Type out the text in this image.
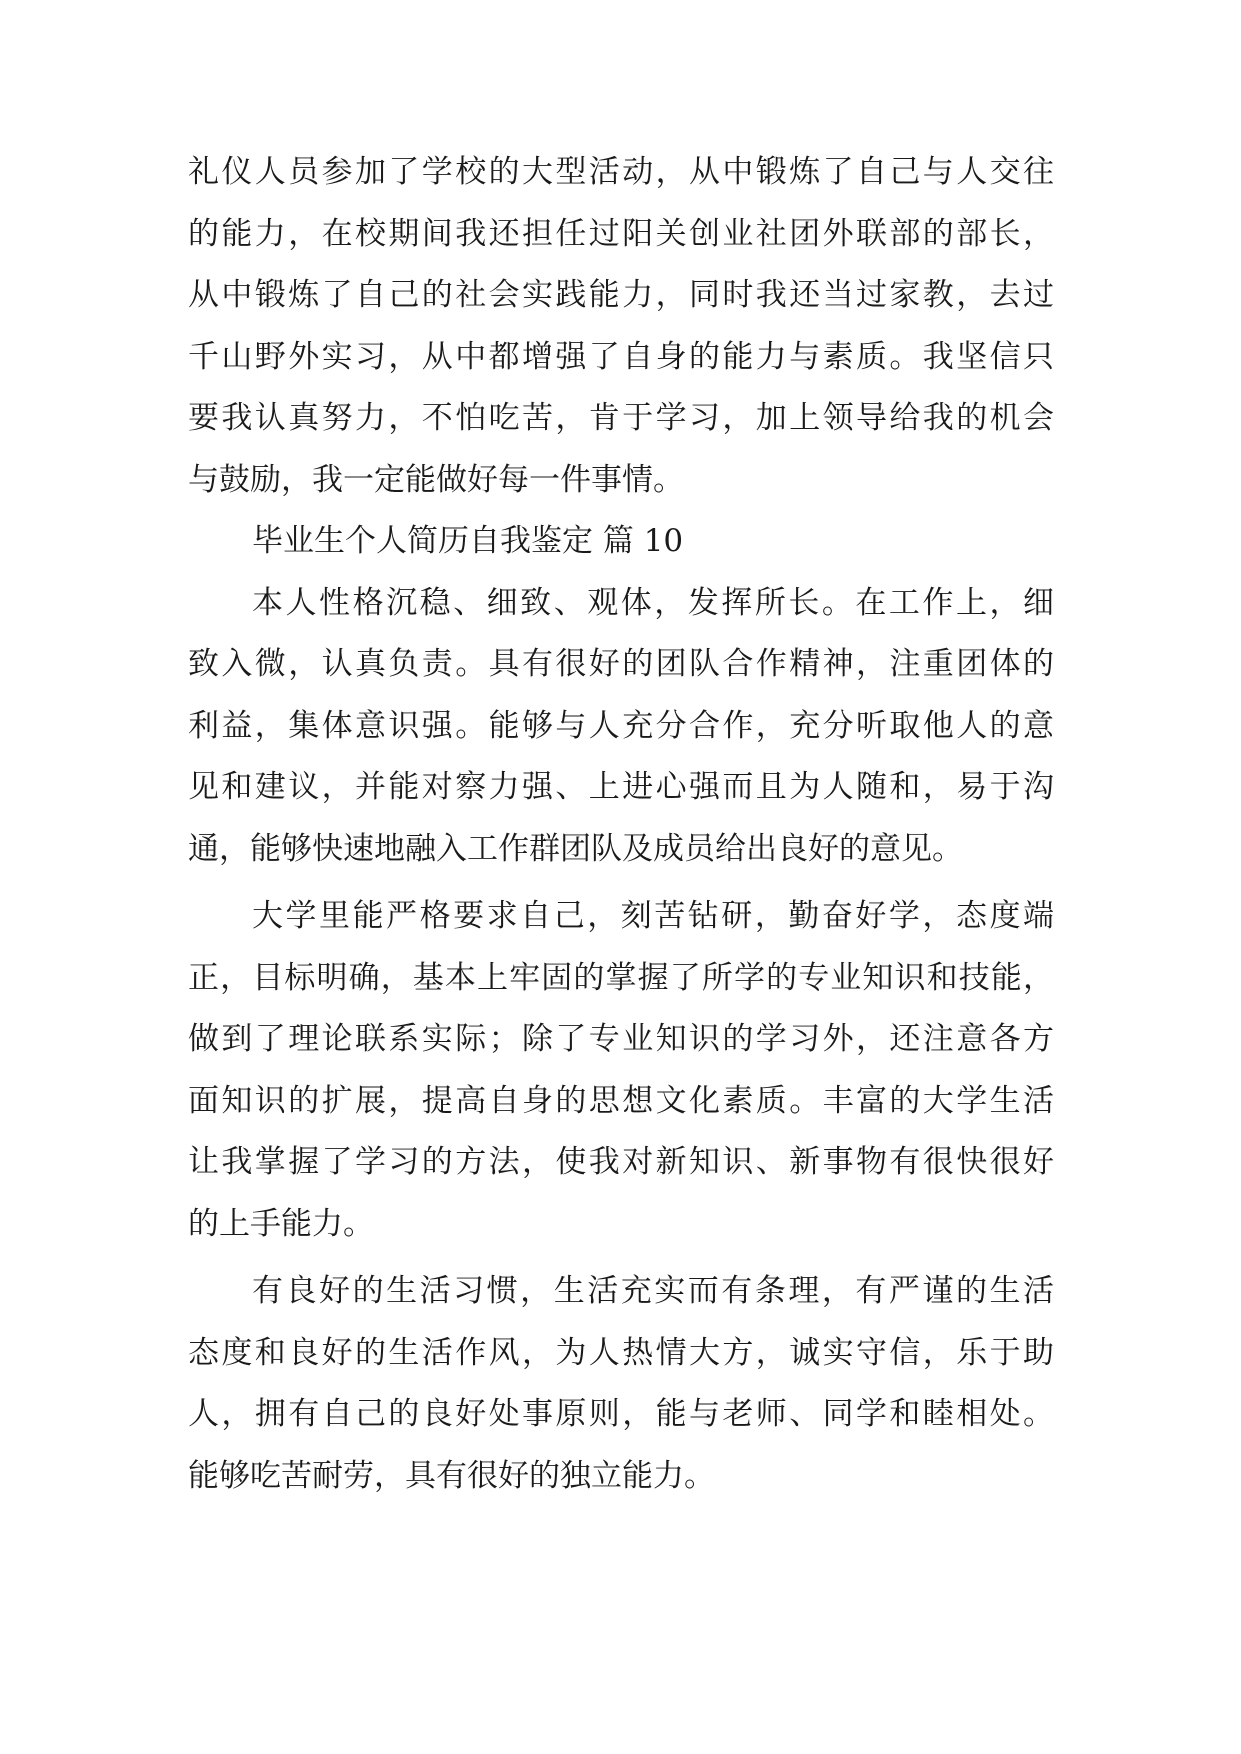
礼仪人员参加了学校的大型活动，从中锻炼了自己与人交往
的能力，在校期间我还担任过阳关创业社团外联部的部长，
从中锻炼了自己的社会实践能力，同时我还当过家教，去过
千山野外实习，从中都增强了自身的能力与素质。我坚信只
要我认真努力，不怕吃苦，肯于学习，加上领导给我的机会
与鼓励，我一定能做好每一件事情。
毕业生个人简历自我鉴定 篇 10
本人性格沉稳、细致、观体，发挥所长。在工作上，细
致入微，认真负责。具有很好的团队合作精神，注重团体的
利益，集体意识强。能够与人充分合作，充分听取他人的意
见和建议，并能对察力强、上进心强而且为人随和，易于沟
通，能够快速地融入工作群团队及成员给出良好的意见。
大学里能严格要求自己，刻苦钻研，勤奋好学，态度端
正，目标明确，基本上牢固的掌握了所学的专业知识和技能，
做到了理论联系实际；除了专业知识的学习外，还注意各方
面知识的扩展，提高自身的思想文化素质。丰富的大学生活
让我掌握了学习的方法，使我对新知识、新事物有很快很好
的上手能力。
有良好的生活习惯，生活充实而有条理，有严谨的生活
态度和良好的生活作风，为人热情大方，诚实守信，乐于助
人，拥有自己的良好处事原则，能与老师、同学和睦相处。
能够吃苦耐劳，具有很好的独立能力。
